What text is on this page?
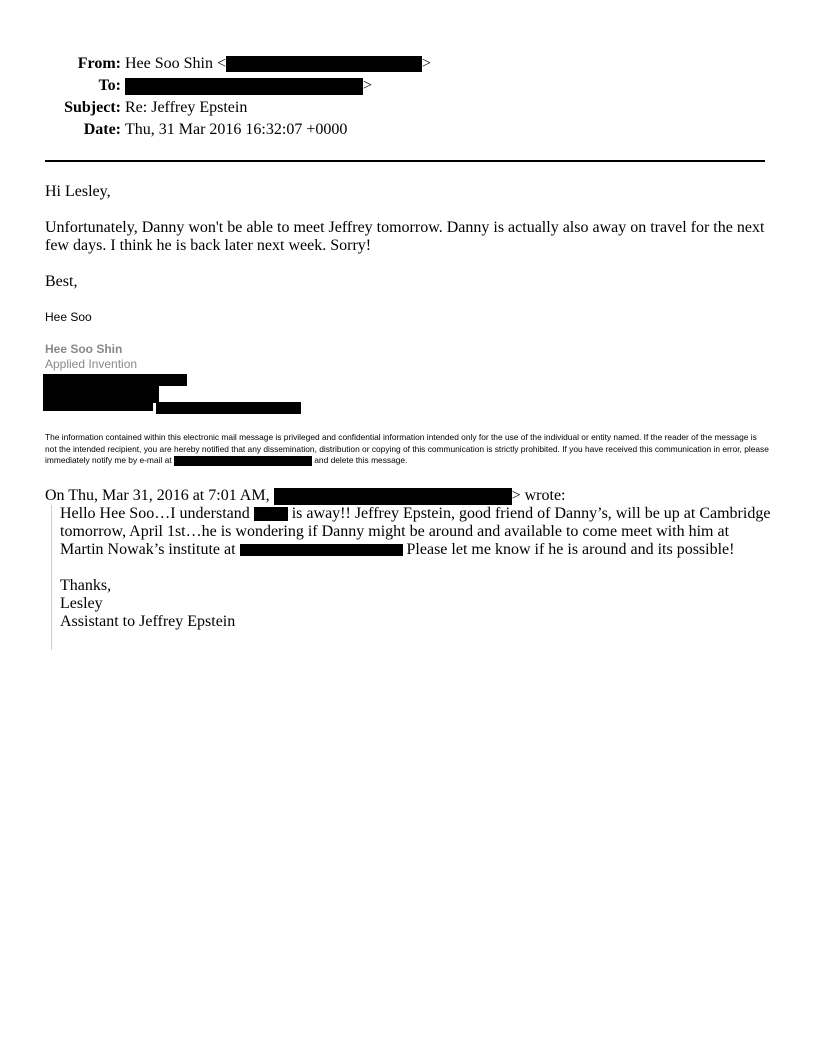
From: Hee Soo Shin <	>
To:	>
Subject: Re: Jeffrey Epstein
Date: Thu, 31 Mar 2016 16:32:07 +0000
Hi Lesley,
Unfortunately, Danny won't be able to meet Jeffrey tomorrow. Danny is actually also away on travel for the next few days. I think he is back later next week. Sorry!
Best,
Hee Soo
Hee Soo Shin
Applied Invention
The information contained within this electronic mail message is privileged and confidential information intended only for the use of the individual or entity named. If the reader of the message is not the intended recipient, you are hereby notified that any dissemination, distribution or copying of this communication is strictly prohibited. If you have received this communication in error, please immediately notify me by e-mail at	and delete this message.
On Thu, Mar 31, 2016 at 7:01 AM,
	> wrote:

Hello Hee Soo…I understand	is away!! Jeffrey Epstein, good friend of Danny’s, will be up at Cambridge tomorrow, April 1st…he is wondering if Danny might be around and available to come meet with him at Martin Nowak’s institute at	Please let me know if he is around and its possible!

Thanks,

Lesley

Assistant to Jeffrey Epstein
